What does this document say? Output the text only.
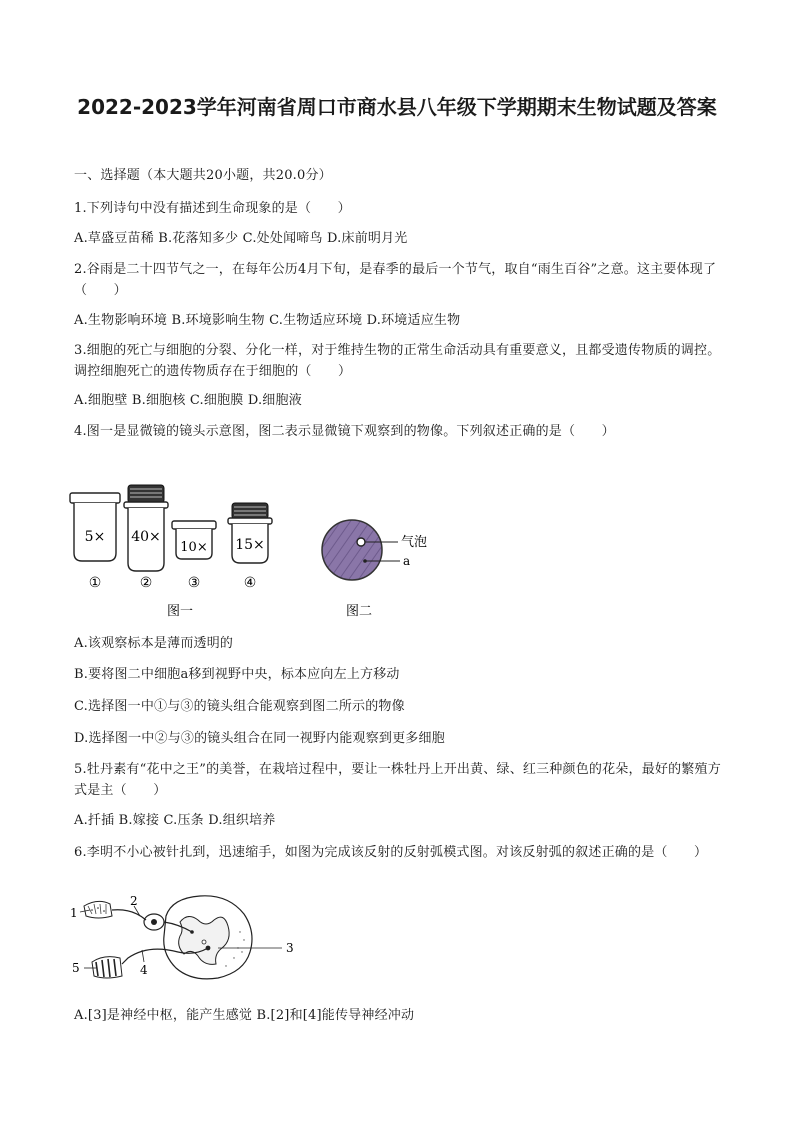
2022-2023学年河南省周口市商水县八年级下学期期末生物试题及答案
一、选择题（本大题共20小题，共20.0分）
1.下列诗句中没有描述到生命现象的是（　　）
A.草盛豆苗稀 B.花落知多少 C.处处闻啼鸟 D.床前明月光
2.谷雨是二十四节气之一，在每年公历4月下旬，是春季的最后一个节气，取自“雨生百谷”之意。这主要体现了（　　）
A.生物影响环境 B.环境影响生物 C.生物适应环境 D.环境适应生物
3.细胞的死亡与细胞的分裂、分化一样，对于维持生物的正常生命活动具有重要意义，且都受遗传物质的调控。调控细胞死亡的遗传物质存在于细胞的（　　）
A.细胞壁 B.细胞核 C.细胞膜 D.细胞液
4.图一是显微镜的镜头示意图，图二表示显微镜下观察到的物像。下列叙述正确的是（　　）
5×
①
40×
②
10×
③
15×
④
图一
气泡
a
图二
A.该观察标本是薄而透明的
B.要将图二中细胞a移到视野中央，标本应向左上方移动
C.选择图一中①与③的镜头组合能观察到图二所示的物像
D.选择图一中②与③的镜头组合在同一视野内能观察到更多细胞
5.牡丹素有“花中之王”的美誉，在栽培过程中，要让一株牡丹上开出黄、绿、红三种颜色的花朵，最好的繁殖方式是主（　　）
A.扦插 B.嫁接 C.压条 D.组织培养
6.李明不小心被针扎到，迅速缩手，如图为完成该反射的反射弧模式图。对该反射弧的叙述正确的是（　　）
1
2
3
4
5
A.[3]是神经中枢，能产生感觉 B.[2]和[4]能传导神经冲动
